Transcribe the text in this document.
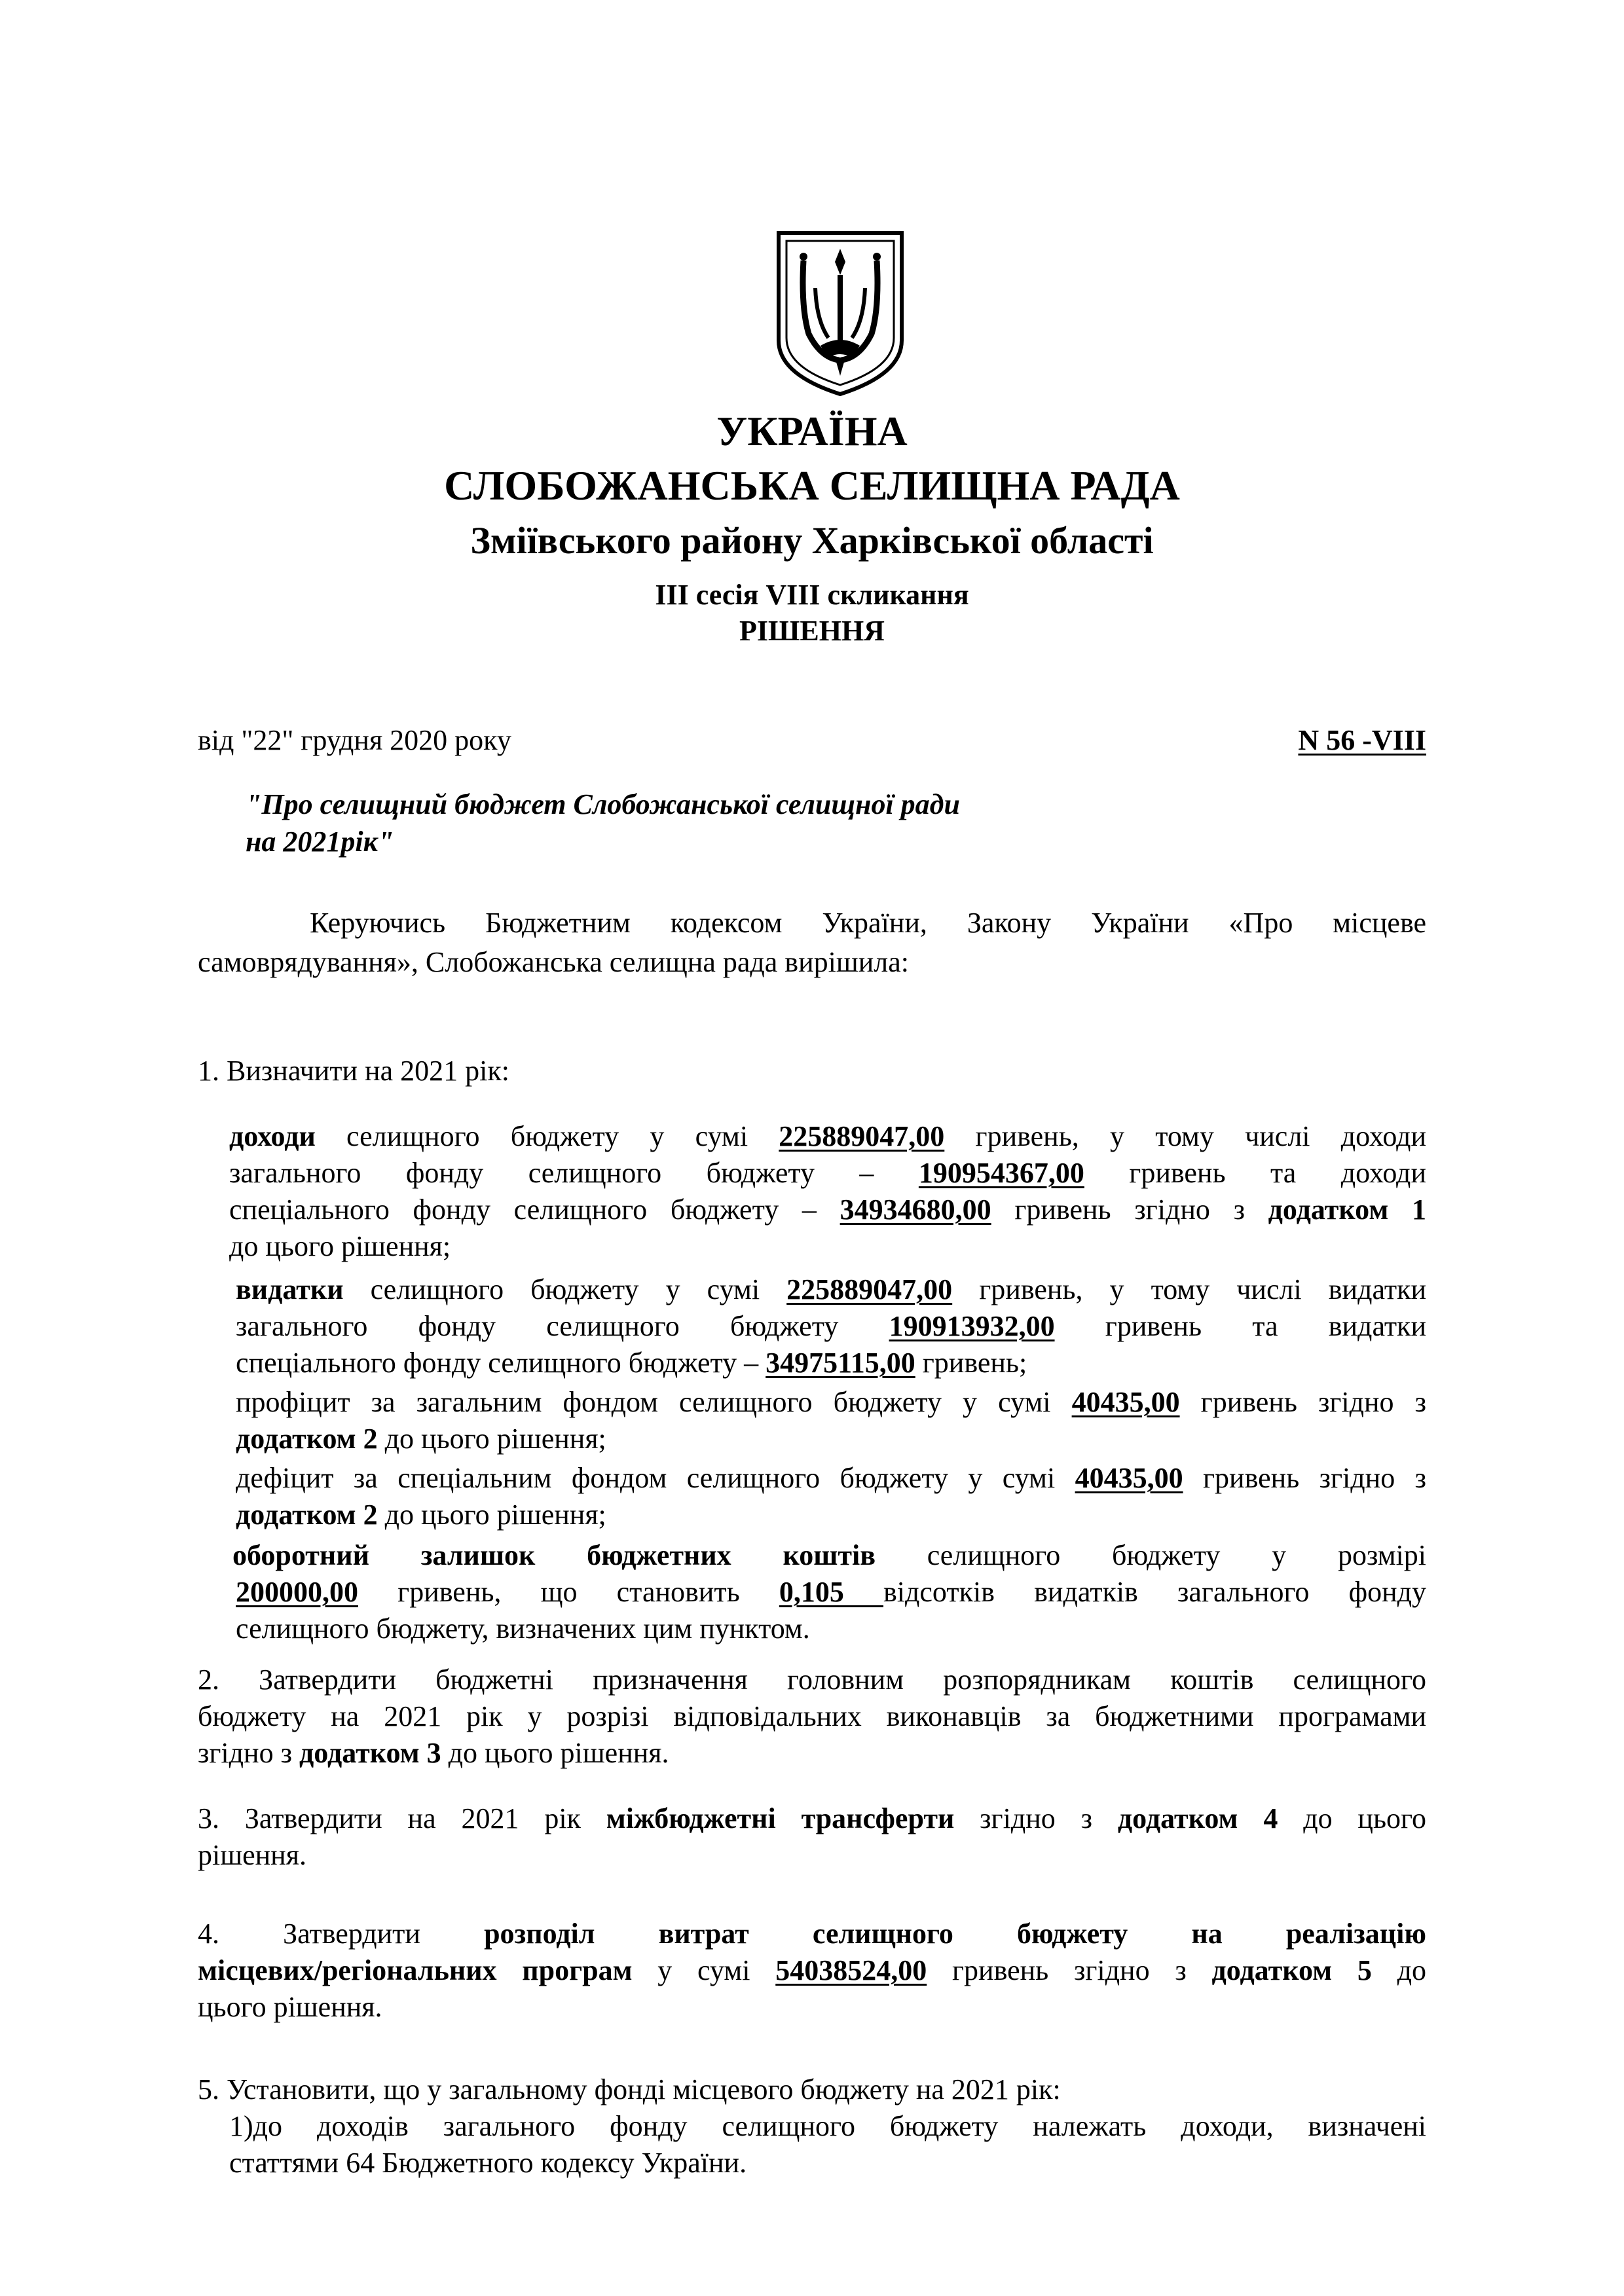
УКРАЇНА
СЛОБОЖАНСЬКА СЕЛИЩНА РАДА
Зміївського району Харківської області
ІІІ сесія VIII скликання
РІШЕННЯ
від "22" грудня 2020 року	N 56 -VIII
"Про селищний бюджет Слобожанської селищної ради
на 2021рік"
Керуючись Бюджетним кодексом України, Закону України «Про місцеве
самоврядування», Слобожанська селищна рада вирішила:
1. Визначити на 2021 рік:
доходи селищного бюджету у сумі 225889047,00 гривень, у тому числі доходи
загального фонду селищного бюджету – 190954367,00 гривень та доходи
спеціального фонду селищного бюджету – 34934680,00 гривень згідно з додатком 1
до цього рішення;
видатки селищного бюджету у сумі 225889047,00 гривень, у тому числі видатки
загального фонду селищного бюджету 190913932,00 гривень та видатки
спеціального фонду селищного бюджету – 34975115,00 гривень;
профіцит за загальним фондом селищного бюджету у сумі 40435,00 гривень згідно з
додатком 2 до цього рішення;
дефіцит за спеціальним фондом селищного бюджету у сумі 40435,00 гривень згідно з
додатком 2 до цього рішення;
оборотний залишок бюджетних коштів селищного бюджету у розмірі
200000,00 гривень, що становить 0,105 відсотків видатків загального фонду
селищного бюджету, визначених цим пунктом.
2. Затвердити бюджетні призначення головним розпорядникам коштів селищного
бюджету на 2021 рік у розрізі відповідальних виконавців за бюджетними програмами
згідно з додатком 3 до цього рішення.
3. Затвердити на 2021 рік міжбюджетні трансферти згідно з додатком 4 до цього
рішення.
4. Затвердити розподіл витрат селищного бюджету на реалізацію
місцевих/регіональних програм у сумі 54038524,00 гривень згідно з додатком 5 до
цього рішення.
5. Установити, що у загальному фонді місцевого бюджету на 2021 рік:
1)до доходів загального фонду селищного бюджету належать доходи, визначені
статтями 64 Бюджетного кодексу України.
